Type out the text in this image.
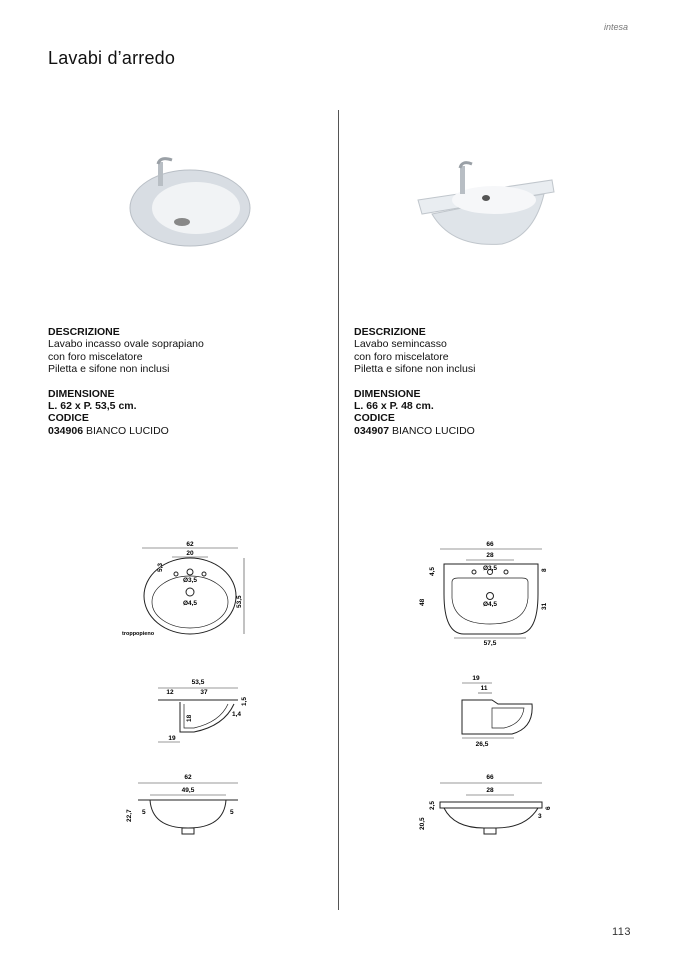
intesa
Lavabi d’arredo
DESCRIZIONE
Lavabo incasso ovale soprapiano
con foro miscelatore
Piletta e sifone non inclusi
DIMENSIONE
L. 62 x P. 53,5 cm.
CODICE
034906 BIANCO LUCIDO
DESCRIZIONE
Lavabo semincasso
con foro miscelatore
Piletta e sifone non inclusi
DIMENSIONE
L. 66 x P. 48 cm.
CODICE
034907 BIANCO LUCIDO
62
20
5,3
Ø3,5
Ø4,5	53,5
troppopieno
53,5
12	37
18
1,5
1,4
19
62
49,5
22,7 5	5
66
28
Ø3,5
Ø4,5
4,5
48
8
31
57,5
19
11
26,5
66
28
2,5
20,5
6
3
113
